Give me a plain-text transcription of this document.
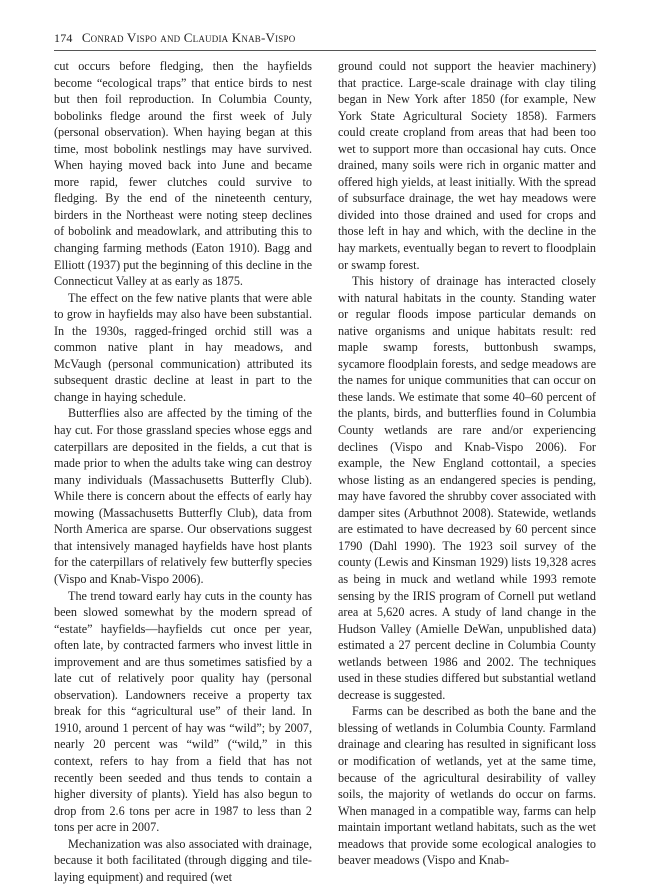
174 Conrad Vispo and Claudia Knab-Vispo

cut occurs before fledging, then the hayfields become “ecological traps” that entice birds to nest but then foil reproduction. In Columbia County, bobolinks fledge around the first week of July (personal observation). When haying began at this time, most bobolink nestlings may have survived. When haying moved back into June and became more rapid, fewer clutches could survive to fledging. By the end of the nineteenth century, birders in the Northeast were noting steep declines of bobolink and meadowlark, and attributing this to changing farming methods (Eaton 1910). Bagg and Elliott (1937) put the beginning of this decline in the Connecticut Valley at as early as 1875.

The effect on the few native plants that were able to grow in hayfields may also have been substantial. In the 1930s, ragged-fringed orchid still was a common native plant in hay meadows, and McVaugh (personal communication) attributed its subsequent drastic decline at least in part to the change in haying schedule.

Butterflies also are affected by the timing of the hay cut. For those grassland species whose eggs and caterpillars are deposited in the fields, a cut that is made prior to when the adults take wing can destroy many individuals (Massachusetts Butterfly Club). While there is concern about the effects of early hay mowing (Massachusetts Butterfly Club), data from North America are sparse. Our observations suggest that intensively managed hayfields have host plants for the caterpillars of relatively few butterfly species (Vispo and Knab-Vispo 2006).

The trend toward early hay cuts in the county has been slowed somewhat by the modern spread of “estate” hayfields—hayfields cut once per year, often late, by contracted farmers who invest little in improvement and are thus sometimes satisfied by a late cut of relatively poor quality hay (personal observation). Landowners receive a property tax break for this “agricultural use” of their land. In 1910, around 1 percent of hay was “wild”; by 2007, nearly 20 percent was “wild” (“wild,” in this context, refers to hay from a field that has not recently been seeded and thus tends to contain a higher diversity of plants). Yield has also begun to drop from 2.6 tons per acre in 1987 to less than 2 tons per acre in 2007.

Mechanization was also associated with drainage, because it both facilitated (through digging and tile-laying equipment) and required (wet

ground could not support the heavier machinery) that practice. Large-scale drainage with clay tiling began in New York after 1850 (for example, New York State Agricultural Society 1858). Farmers could create cropland from areas that had been too wet to support more than occasional hay cuts. Once drained, many soils were rich in organic matter and offered high yields, at least initially. With the spread of subsurface drainage, the wet hay meadows were divided into those drained and used for crops and those left in hay and which, with the decline in the hay markets, eventually began to revert to floodplain or swamp forest.

This history of drainage has interacted closely with natural habitats in the county. Standing water or regular floods impose particular demands on native organisms and unique habitats result: red maple swamp forests, buttonbush swamps, sycamore floodplain forests, and sedge meadows are the names for unique communities that can occur on these lands. We estimate that some 40–60 percent of the plants, birds, and butterflies found in Columbia County wetlands are rare and/or experiencing declines (Vispo and Knab-Vispo 2006). For example, the New England cottontail, a species whose listing as an endangered species is pending, may have favored the shrubby cover associated with damper sites (Arbuthnot 2008). Statewide, wetlands are estimated to have decreased by 60 percent since 1790 (Dahl 1990). The 1923 soil survey of the county (Lewis and Kinsman 1929) lists 19,328 acres as being in muck and wetland while 1993 remote sensing by the IRIS program of Cornell put wetland area at 5,620 acres. A study of land change in the Hudson Valley (Amielle DeWan, unpublished data) estimated a 27 percent decline in Columbia County wetlands between 1986 and 2002. The techniques used in these studies differed but substantial wetland decrease is suggested.

Farms can be described as both the bane and the blessing of wetlands in Columbia County. Farmland drainage and clearing has resulted in significant loss or modification of wetlands, yet at the same time, because of the agricultural desirability of valley soils, the majority of wetlands do occur on farms. When managed in a compatible way, farms can help maintain important wetland habitats, such as the wet meadows that provide some ecological analogies to beaver meadows (Vispo and Knab-
